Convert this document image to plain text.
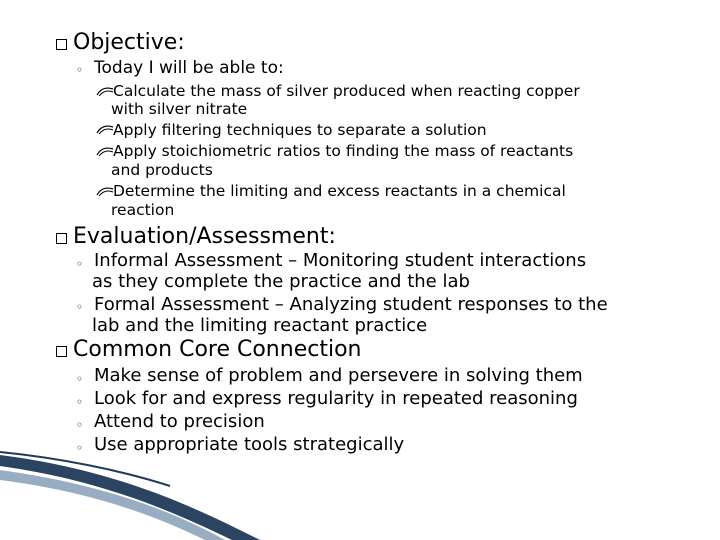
Objective:
◦ Today I will be able to:
Calculate the mass of silver produced when reacting copper
with silver nitrate
Apply filtering techniques to separate a solution
Apply stoichiometric ratios to finding the mass of reactants
and products
Determine the limiting and excess reactants in a chemical
reaction
Evaluation/Assessment:
◦ Informal Assessment – Monitoring student interactions
as they complete the practice and the lab
◦ Formal Assessment – Analyzing student responses to the
lab and the limiting reactant practice
Common Core Connection
◦ Make sense of problem and persevere in solving them
◦ Look for and express regularity in repeated reasoning
◦ Attend to precision
◦ Use appropriate tools strategically
